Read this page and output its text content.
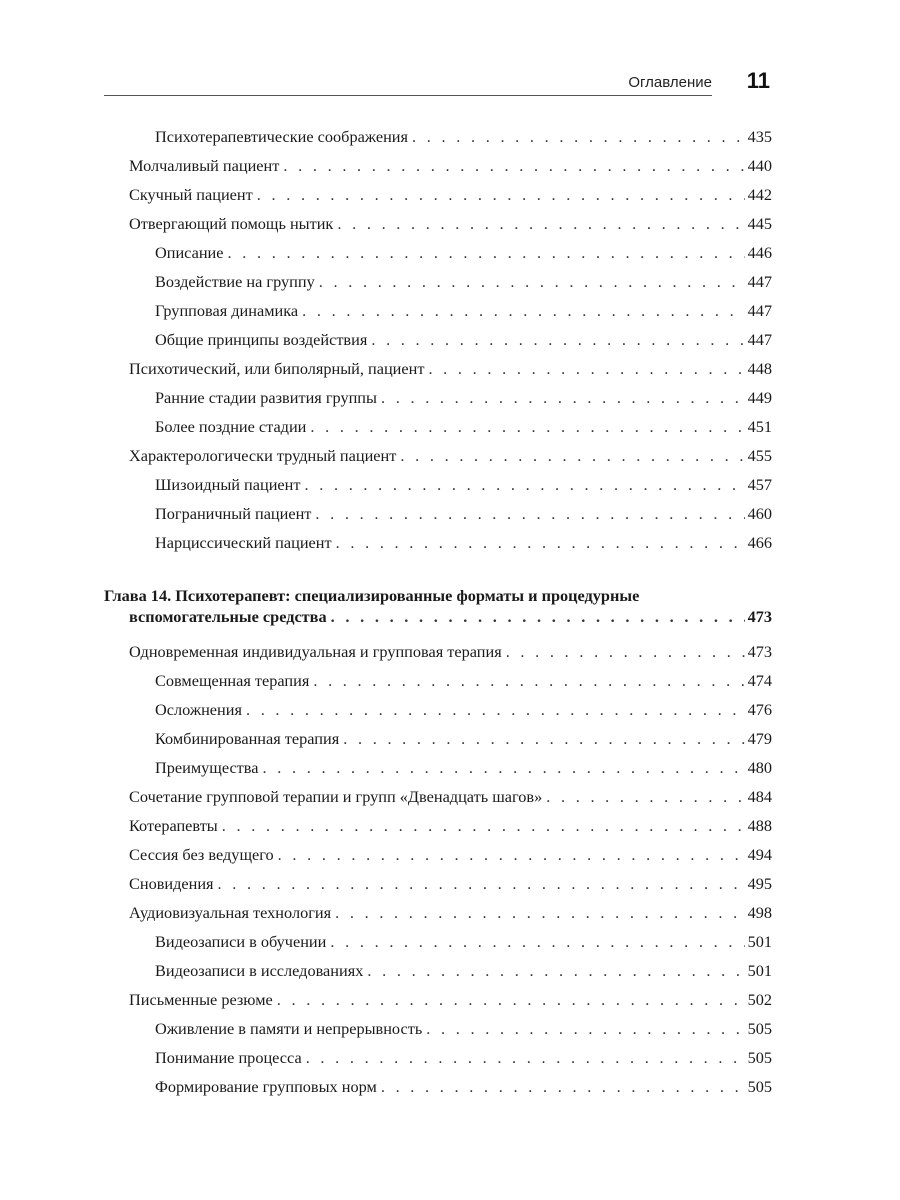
Оглавление 11
Психотерапевтические соображения . . .	435
Молчаливый пациент . . .	440
Скучный пациент . . .	442
Отвергающий помощь нытик . . .	445
Описание . . .	446
Воздействие на группу . . .	447
Групповая динамика . . .	447
Общие принципы воздействия . . .	447
Психотический, или биполярный, пациент . . .	448
Ранние стадии развития группы . . .	449
Более поздние стадии . . .	451
Характерологически трудный пациент . . .	455
Шизоидный пациент . . .	457
Пограничный пациент . . .	460
Нарциссический пациент . . .	466
Глава 14. Психотерапевт: специализированные форматы и процедурные
вспомогательные средства . . .	473
Одновременная индивидуальная и групповая терапия . . .	473
Совмещенная терапия . . .	474
Осложнения . . .	476
Комбинированная терапия . . .	479
Преимущества . . .	480
Сочетание групповой терапии и групп «Двенадцать шагов» . . .	484
Котерапевты . . .	488
Сессия без ведущего . . .	494
Сновидения . . .	495
Аудиовизуальная технология . . .	498
Видеозаписи в обучении . . .	501
Видеозаписи в исследованиях . . .	501
Письменные резюме . . .	502
Оживление в памяти и непрерывность . . .	505
Понимание процесса . . .	505
Формирование групповых норм . . .	505
